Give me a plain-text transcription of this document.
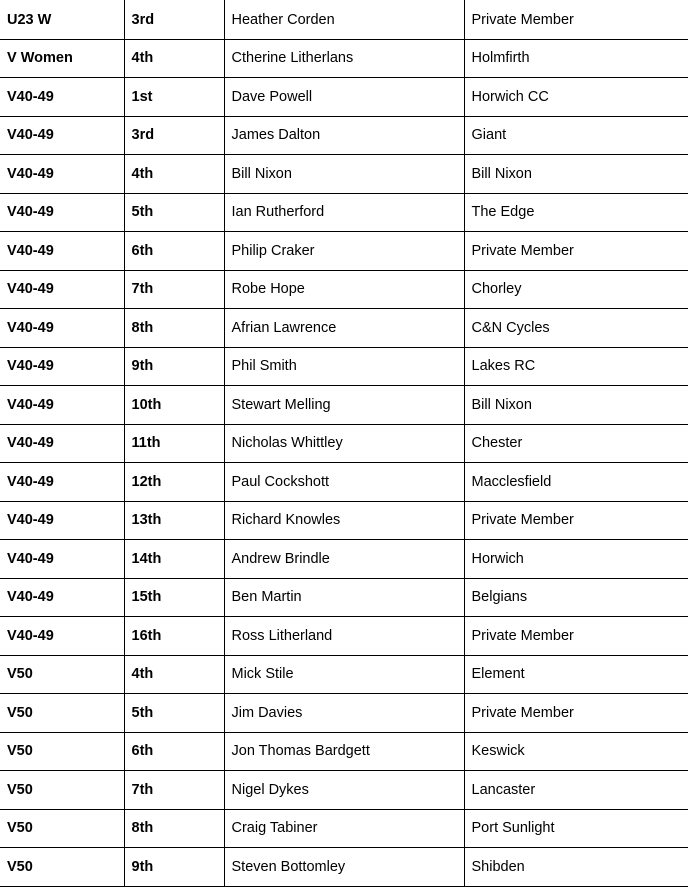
U23 W	3rd	Heather Corden	Private Member
V Women	4th	Ctherine Litherlans	Holmfirth
V40-49	1st	Dave Powell	Horwich CC
V40-49	3rd	James Dalton	Giant
V40-49	4th	Bill Nixon	Bill Nixon
V40-49	5th	Ian Rutherford	The Edge
V40-49	6th	Philip Craker	Private Member
V40-49	7th	Robe Hope	Chorley
V40-49	8th	Afrian Lawrence	C&N Cycles
V40-49	9th	Phil Smith	Lakes RC
V40-49	10th	Stewart Melling	Bill Nixon
V40-49	11th	Nicholas Whittley	Chester
V40-49	12th	Paul Cockshott	Macclesfield
V40-49	13th	Richard Knowles	Private Member
V40-49	14th	Andrew Brindle	Horwich
V40-49	15th	Ben Martin	Belgians
V40-49	16th	Ross Litherland	Private Member
V50	4th	Mick Stile	Element
V50	5th	Jim Davies	Private Member
V50	6th	Jon Thomas Bardgett	Keswick
V50	7th	Nigel Dykes	Lancaster
V50	8th	Craig Tabiner	Port Sunlight
V50	9th	Steven Bottomley	Shibden
